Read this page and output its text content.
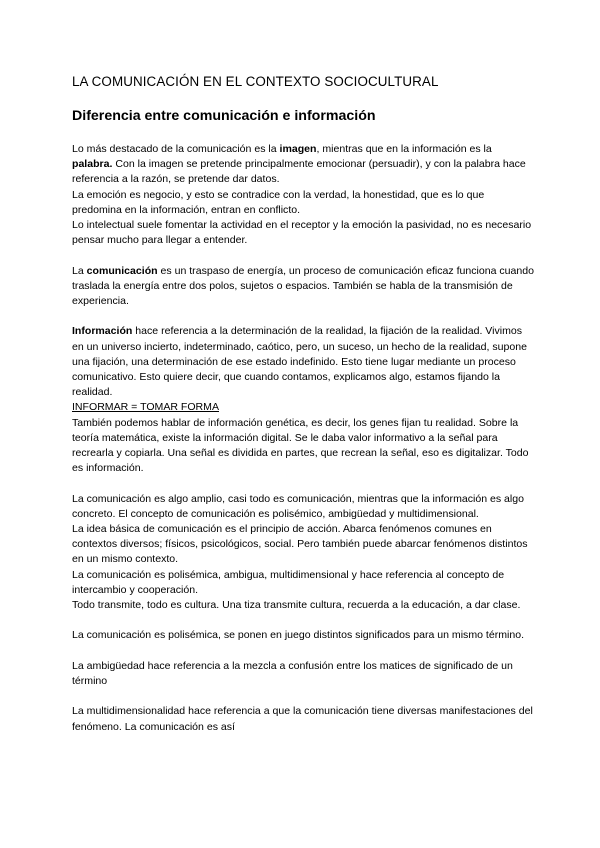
LA COMUNICACIÓN EN EL CONTEXTO SOCIOCULTURAL
Diferencia entre comunicación e información

Lo más destacado de la comunicación es la imagen, mientras que en la información es la palabra. Con la imagen se pretende principalmente emocionar (persuadir), y con la palabra hace referencia a la razón, se pretende dar datos.
La emoción es negocio, y esto se contradice con la verdad, la honestidad, que es lo que predomina en la información, entran en conflicto.
Lo intelectual suele fomentar la actividad en el receptor y la emoción la pasividad, no es necesario pensar mucho para llegar a entender.

La comunicación es un traspaso de energía, un proceso de comunicación eficaz funciona cuando traslada la energía entre dos polos, sujetos o espacios. También se habla de la transmisión de experiencia.

Información hace referencia a la determinación de la realidad, la fijación de la realidad. Vivimos en un universo incierto, indeterminado, caótico, pero, un suceso, un hecho de la realidad, supone una fijación, una determinación de ese estado indefinido. Esto tiene lugar mediante un proceso comunicativo. Esto quiere decir, que cuando contamos, explicamos algo, estamos fijando la realidad.
INFORMAR = TOMAR FORMA
También podemos hablar de información genética, es decir, los genes fijan tu realidad. Sobre la teoría matemática, existe la información digital. Se le daba valor informativo a la señal para recrearla y copiarla. Una señal es dividida en partes, que recrean la señal, eso es digitalizar. Todo es información.

La comunicación es algo amplio, casi todo es comunicación, mientras que la información es algo concreto. El concepto de comunicación es polisémico, ambigüedad y multidimensional.
La idea básica de comunicación es el principio de acción. Abarca fenómenos comunes en contextos diversos; físicos, psicológicos, social. Pero también puede abarcar fenómenos distintos en un mismo contexto.
La comunicación es polisémica, ambigua, multidimensional y hace referencia al concepto de intercambio y cooperación.
Todo transmite, todo es cultura. Una tiza transmite cultura, recuerda a la educación, a dar clase.

La comunicación es polisémica, se ponen en juego distintos significados para un mismo término.

La ambigüedad hace referencia a la mezcla a confusión entre los matices de significado de un término

La multidimensionalidad hace referencia a que la comunicación tiene diversas manifestaciones del fenómeno. La comunicación es así
